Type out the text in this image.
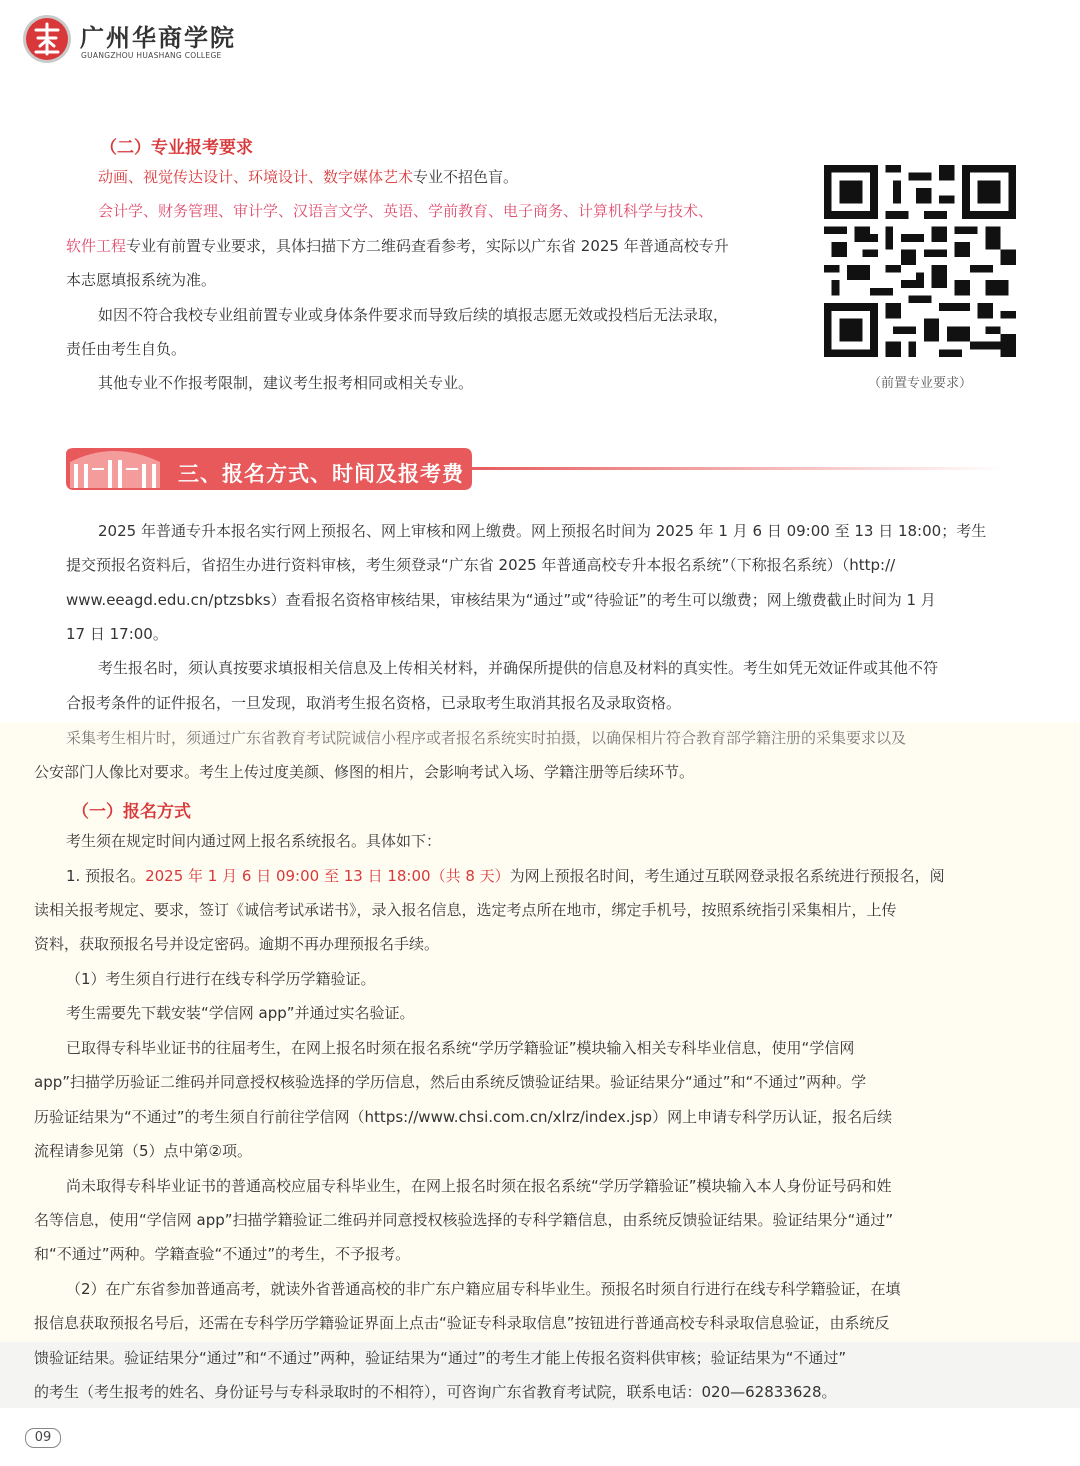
广州华商学院
GUANGZHOU HUASHANG COLLEGE
（二）专业报考要求
动画、视觉传达设计、环境设计、数字媒体艺术专业不招色盲。
会计学、财务管理、审计学、汉语言文学、英语、学前教育、电子商务、计算机科学与技术、
软件工程专业有前置专业要求，具体扫描下方二维码查看参考，实际以广东省 2025 年普通高校专升
本志愿填报系统为准。
如因不符合我校专业组前置专业或身体条件要求而导致后续的填报志愿无效或投档后无法录取，
责任由考生自负。
其他专业不作报考限制，建议考生报考相同或相关专业。	（前置专业要求）
三、报名方式、时间及报考费
2025 年普通专升本报名实行网上预报名、网上审核和网上缴费。网上预报名时间为 2025 年 1 月 6 日 09:00 至 13 日 18:00；考生
提交预报名资料后，省招生办进行资料审核，考生须登录“广东省 2025 年普通高校专升本报名系统”（下称报名系统）（http://
www.eeagd.edu.cn/ptzsbks）查看报名资格审核结果，审核结果为“通过”或“待验证”的考生可以缴费；网上缴费截止时间为 1 月
17 日 17:00。
考生报名时，须认真按要求填报相关信息及上传相关材料，并确保所提供的信息及材料的真实性。考生如凭无效证件或其他不符
合报考条件的证件报名，一旦发现，取消考生报名资格，已录取考生取消其报名及录取资格。
采集考生相片时，须通过广东省教育考试院诚信小程序或者报名系统实时拍摄，以确保相片符合教育部学籍注册的采集要求以及
公安部门人像比对要求。考生上传过度美颜、修图的相片，会影响考试入场、学籍注册等后续环节。
（一）报名方式
考生须在规定时间内通过网上报名系统报名。具体如下：
1. 预报名。2025 年 1 月 6 日 09:00 至 13 日 18:00（共 8 天）为网上预报名时间，考生通过互联网登录报名系统进行预报名，阅
读相关报考规定、要求，签订《诚信考试承诺书》，录入报名信息，选定考点所在地市，绑定手机号，按照系统指引采集相片，上传
资料，获取预报名号并设定密码。逾期不再办理预报名手续。
（1）考生须自行进行在线专科学历学籍验证。
考生需要先下载安装“学信网 app”并通过实名验证。
已取得专科毕业证书的往届考生，在网上报名时须在报名系统“学历学籍验证”模块输入相关专科毕业信息，使用“学信网
app”扫描学历验证二维码并同意授权核验选择的学历信息，然后由系统反馈验证结果。验证结果分“通过”和“不通过”两种。学
历验证结果为“不通过”的考生须自行前往学信网（https://www.chsi.com.cn/xlrz/index.jsp）网上申请专科学历认证，报名后续
流程请参见第（5）点中第②项。
尚未取得专科毕业证书的普通高校应届专科毕业生，在网上报名时须在报名系统“学历学籍验证”模块输入本人身份证号码和姓
名等信息，使用“学信网 app”扫描学籍验证二维码并同意授权核验选择的专科学籍信息，由系统反馈验证结果。验证结果分“通过”
和“不通过”两种。学籍查验“不通过”的考生，不予报考。
（2）在广东省参加普通高考，就读外省普通高校的非广东户籍应届专科毕业生。预报名时须自行进行在线专科学籍验证，在填
报信息获取预报名号后，还需在专科学历学籍验证界面上点击“验证专科录取信息”按钮进行普通高校专科录取信息验证，由系统反
馈验证结果。验证结果分“通过”和“不通过”两种，验证结果为“通过”的考生才能上传报名资料供审核；验证结果为“不通过”
的考生（考生报考的姓名、身份证号与专科录取时的不相符），可咨询广东省教育考试院，联系电话：020—62833628。
09
